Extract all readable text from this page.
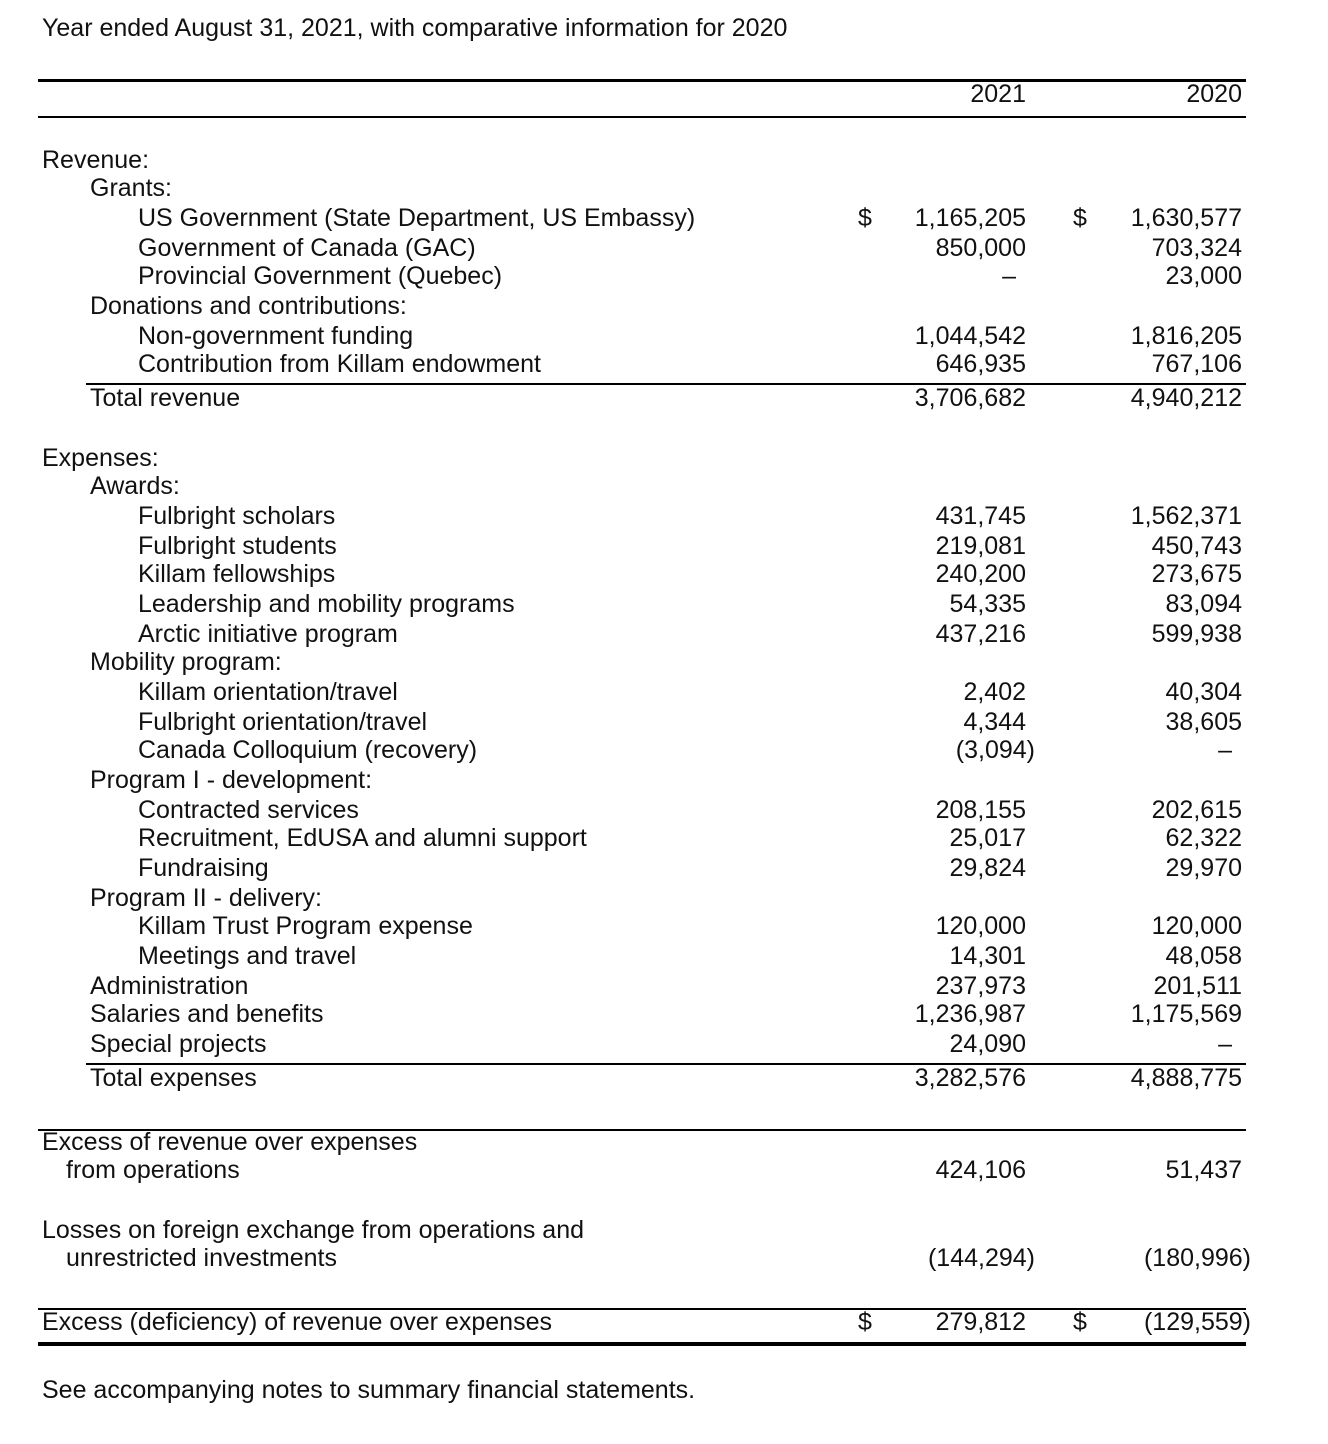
Year ended August 31, 2021, with comparative information for 2020
2021	2020
Revenue:
Grants:
US Government (State Department, US Embassy)	$	1,165,205 $	1,630,577
Government of Canada (GAC)	850,000	703,324
Provincial Government (Quebec)	–	23,000
Donations and contributions:
Non-government funding	1,044,542	1,816,205
Contribution from Killam endowment	646,935	767,106
Total revenue	3,706,682	4,940,212
Expenses:
Awards:
Fulbright scholars	431,745	1,562,371
Fulbright students	219,081	450,743
Killam fellowships	240,200	273,675
Leadership and mobility programs	54,335	83,094
Arctic initiative program	437,216	599,938
Mobility program:
Killam orientation/travel	2,402	40,304
Fulbright orientation/travel	4,344	38,605
Canada Colloquium (recovery)	(3,094)	–
Program I - development:
Contracted services	208,155	202,615
Recruitment, EdUSA and alumni support	25,017	62,322
Fundraising	29,824	29,970
Program II - delivery:
Killam Trust Program expense	120,000	120,000
Meetings and travel	14,301	48,058
Administration	237,973	201,511
Salaries and benefits	1,236,987	1,175,569
Special projects	24,090	–
Total expenses	3,282,576	4,888,775
Excess of revenue over expenses
from operations	424,106	51,437
Losses on foreign exchange from operations and
unrestricted investments	(144,294)	(180,996)
Excess (deficiency) of revenue over expenses	$	279,812 $	(129,559)
See accompanying notes to summary financial statements.
